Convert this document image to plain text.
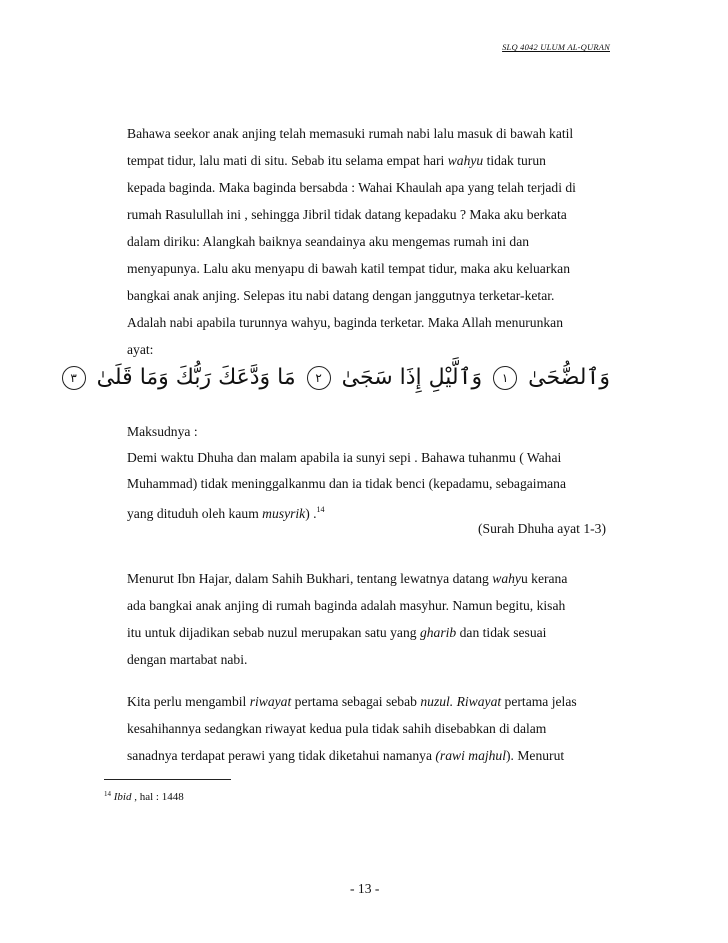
SLQ 4042 ULUM AL-QURAN
Bahawa seekor anak anjing telah memasuki rumah nabi lalu masuk di bawah katil
tempat tidur, lalu mati di situ. Sebab itu selama empat hari wahyu tidak turun
kepada baginda. Maka baginda bersabda : Wahai Khaulah apa yang telah terjadi di
rumah Rasulullah ini , sehingga Jibril tidak datang kepadaku ? Maka aku berkata
dalam diriku: Alangkah baiknya seandainya aku mengemas rumah ini dan
menyapunya. Lalu aku menyapu di bawah katil tempat tidur, maka aku keluarkan
bangkai anak anjing. Selepas itu nabi datang dengan janggutnya terketar-ketar.
Adalah nabi apabila turunnya wahyu, baginda terketar. Maka Allah menurunkan
ayat:
وَٱلضُّحَىٰ ١ وَٱلَّيْلِ إِذَا سَجَىٰ ٢ مَا وَدَّعَكَ رَبُّكَ وَمَا قَلَىٰ ٣
Maksudnya :
Demi waktu Dhuha dan malam apabila ia sunyi sepi . Bahawa tuhanmu ( Wahai
Muhammad) tidak meninggalkanmu dan ia tidak benci (kepadamu, sebagaimana
yang dituduh oleh kaum musyrik) .$^{14}$
(Surah Dhuha ayat 1-3)
Menurut Ibn Hajar, dalam Sahih Bukhari, tentang lewatnya datang wahyu kerana
ada bangkai anak anjing di rumah baginda adalah masyhur. Namun begitu, kisah
itu untuk dijadikan sebab nuzul merupakan satu yang gharib dan tidak sesuai
dengan martabat nabi.
Kita perlu mengambil riwayat pertama sebagai sebab nuzul. Riwayat pertama jelas
kesahihannya sedangkan riwayat kedua pula tidak sahih disebabkan di dalam
sanadnya terdapat perawi yang tidak diketahui namanya (rawi majhul). Menurut
$^{14}$ Ibid , hal : 1448
- 13 -
